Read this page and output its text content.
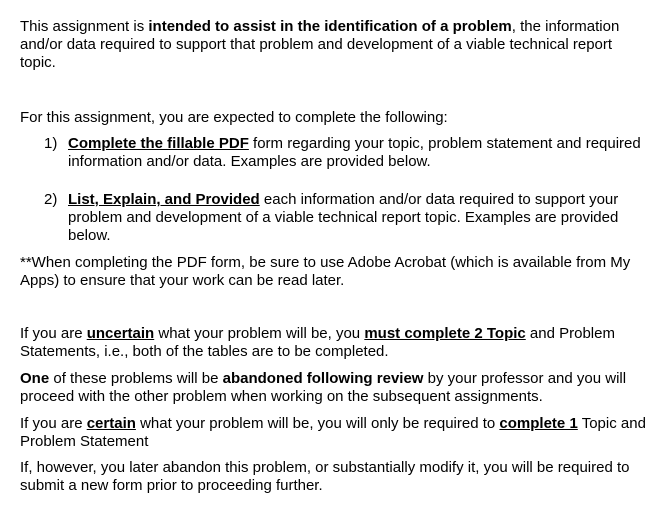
This assignment is intended to assist in the identification of a problem, the information and/or data required to support that problem and development of a viable technical report topic.

For this assignment, you are expected to complete the following:

1) Complete the fillable PDF form regarding your topic, problem statement and required information and/or data. Examples are provided below.
2) List, Explain, and Provided each information and/or data required to support your problem and development of a viable technical report topic. Examples are provided below.

**When completing the PDF form, be sure to use Adobe Acrobat (which is available from My Apps) to ensure that your work can be read later.

If you are uncertain what your problem will be, you must complete 2 Topic and Problem Statements, i.e., both of the tables are to be completed.

One of these problems will be abandoned following review by your professor and you will proceed with the other problem when working on the subsequent assignments.

If you are certain what your problem will be, you will only be required to complete 1 Topic and Problem Statement

If, however, you later abandon this problem, or substantially modify it, you will be required to submit a new form prior to proceeding further.
